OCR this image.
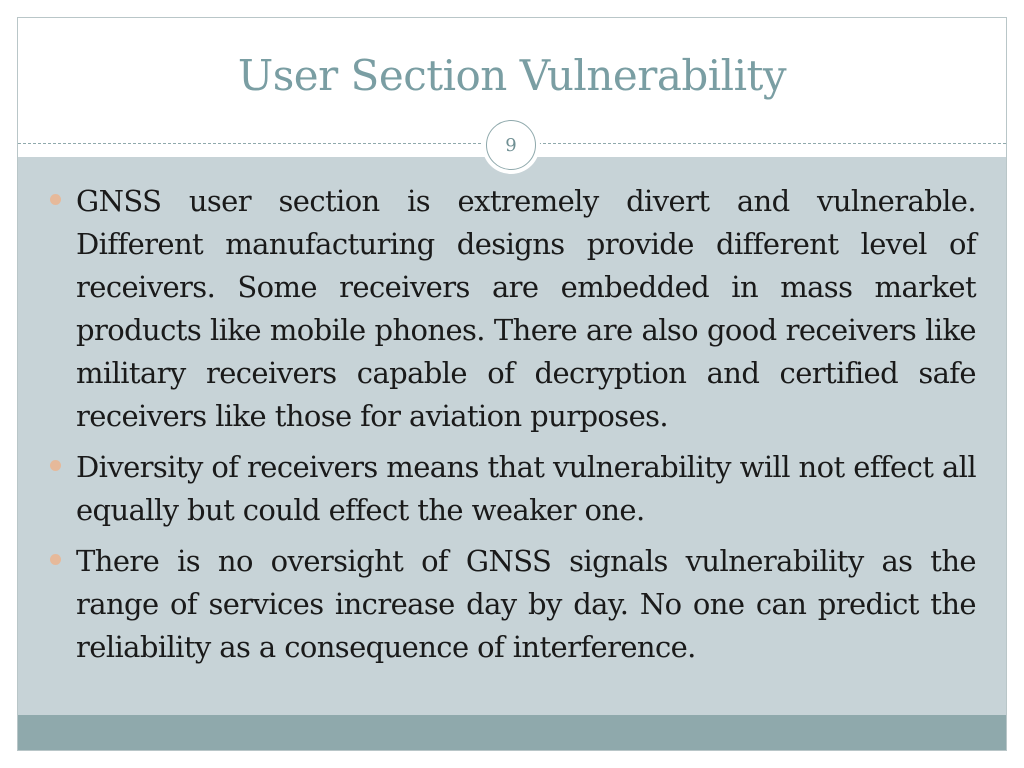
User Section Vulnerability
9
GNSS user section is extremely divert and vulnerable. Different manufacturing designs provide different level of receivers. Some receivers are embedded in mass market products like mobile phones. There are also good receivers like military receivers capable of decryption and certified safe receivers like those for aviation purposes.
Diversity of receivers means that vulnerability will not effect all equally but could effect the weaker one.
There is no oversight of GNSS signals vulnerability as the range of services increase day by day. No one can predict the reliability as a consequence of interference.
